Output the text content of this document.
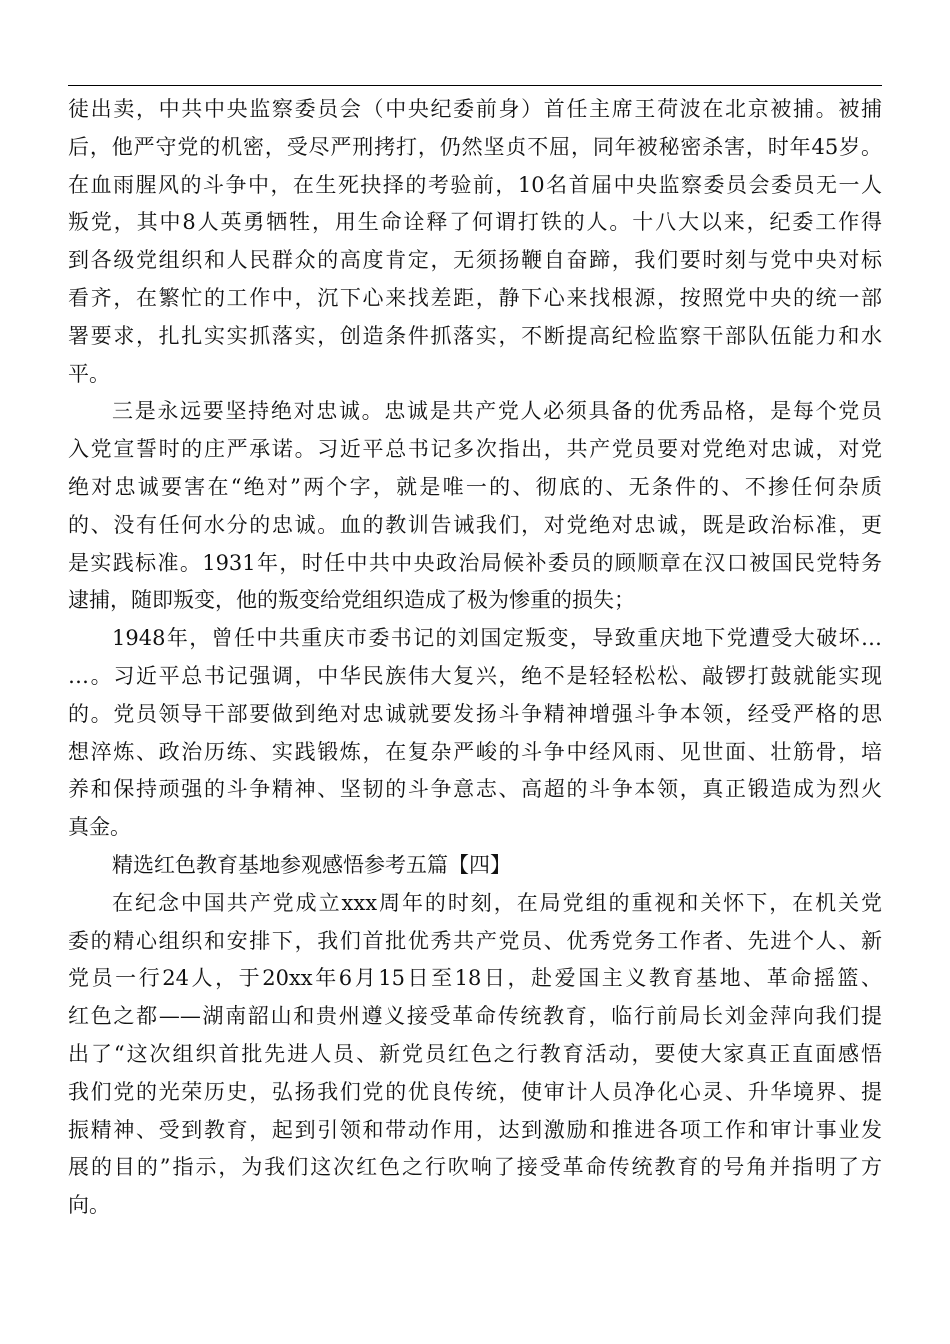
徒出卖，中共中央监察委员会（中央纪委前身）首任主席王荷波在北京被捕。被捕
后，他严守党的机密，受尽严刑拷打，仍然坚贞不屈，同年被秘密杀害，时年45岁。
在血雨腥风的斗争中，在生死抉择的考验前，10名首届中央监察委员会委员无一人
叛党，其中8人英勇牺牲，用生命诠释了何谓打铁的人。十八大以来，纪委工作得
到各级党组织和人民群众的高度肯定，无须扬鞭自奋蹄，我们要时刻与党中央对标
看齐，在繁忙的工作中，沉下心来找差距，静下心来找根源，按照党中央的统一部
署要求，扎扎实实抓落实，创造条件抓落实，不断提高纪检监察干部队伍能力和水
平。
三是永远要坚持绝对忠诚。忠诚是共产党人必须具备的优秀品格，是每个党员
入党宣誓时的庄严承诺。习近平总书记多次指出，共产党员要对党绝对忠诚，对党
绝对忠诚要害在“绝对”两个字，就是唯一的、彻底的、无条件的、不掺任何杂质
的、没有任何水分的忠诚。血的教训告诫我们，对党绝对忠诚，既是政治标准，更
是实践标准。1931年，时任中共中央政治局候补委员的顾顺章在汉口被国民党特务
逮捕，随即叛变，他的叛变给党组织造成了极为惨重的损失；
1948年，曾任中共重庆市委书记的刘国定叛变，导致重庆地下党遭受大破坏…
…。习近平总书记强调，中华民族伟大复兴，绝不是轻轻松松、敲锣打鼓就能实现
的。党员领导干部要做到绝对忠诚就要发扬斗争精神增强斗争本领，经受严格的思
想淬炼、政治历练、实践锻炼，在复杂严峻的斗争中经风雨、见世面、壮筋骨，培
养和保持顽强的斗争精神、坚韧的斗争意志、高超的斗争本领，真正锻造成为烈火
真金。
精选红色教育基地参观感悟参考五篇【四】
在纪念中国共产党成立xxx周年的时刻，在局党组的重视和关怀下，在机关党
委的精心组织和安排下，我们首批优秀共产党员、优秀党务工作者、先进个人、新
党员一行24人，于20xx年6月15日至18日，赴爱国主义教育基地、革命摇篮、
红色之都——湖南韶山和贵州遵义接受革命传统教育，临行前局长刘金萍向我们提
出了“这次组织首批先进人员、新党员红色之行教育活动，要使大家真正直面感悟
我们党的光荣历史，弘扬我们党的优良传统，使审计人员净化心灵、升华境界、提
振精神、受到教育，起到引领和带动作用，达到激励和推进各项工作和审计事业发
展的目的”指示，为我们这次红色之行吹响了接受革命传统教育的号角并指明了方
向。
